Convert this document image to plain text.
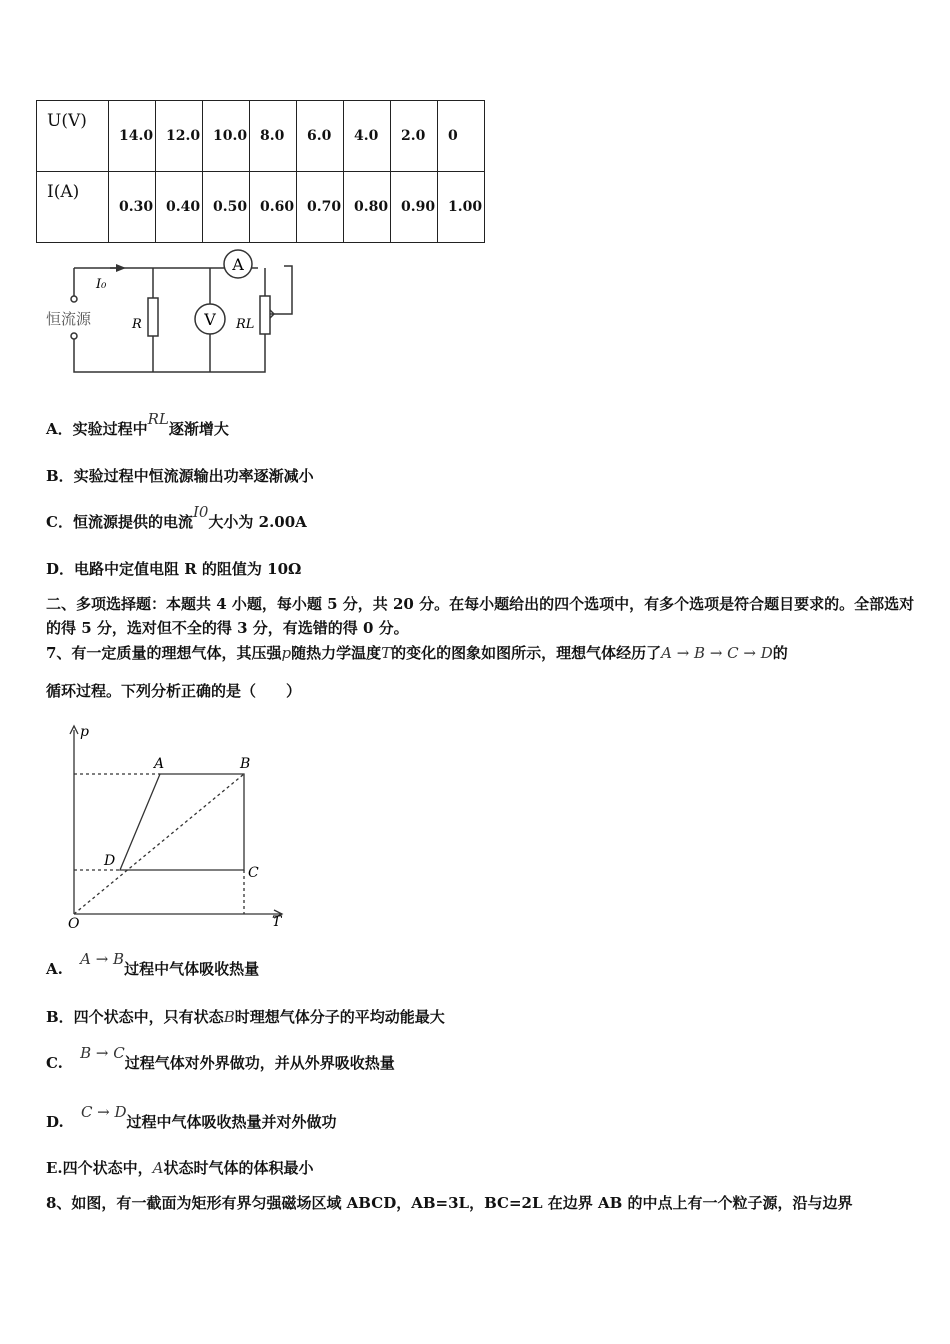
U(V)	14.0	12.0	10.0	8.0	6.0	4.0	2.0	0
I(A)	0.30	0.40	0.50	0.60	0.70	0.80	0.90	1.00
A
V
I₀
恒流源	R	RL
A．实验过程中RL逐渐增大
B．实验过程中恒流源输出功率逐渐减小
C．恒流源提供的电流I0大小为 2.00A
D．电路中定值电阻 R 的阻值为 10Ω
二、多项选择题：本题共 4 小题，每小题 5 分，共 20 分。在每小题给出的四个选项中，有多个选项是符合题目要求的。全部选对的得 5 分，选对但不全的得 3 分，有选错的得 0 分。
7、有一定质量的理想气体，其压强p随热力学温度T的变化的图象如图所示，理想气体经历了A → B → C → D的
循环过程。下列分析正确的是（　　）
p
T
O
A	B
C
D
A. A → B过程中气体吸收热量
B．四个状态中，只有状态B时理想气体分子的平均动能最大
C. B → C过程气体对外界做功，并从外界吸收热量
D. C → D过程中气体吸收热量并对外做功
E.四个状态中，A状态时气体的体积最小
8、如图，有一截面为矩形有界匀强磁场区域 ABCD，AB=3L，BC=2L 在边界 AB 的中点上有一个粒子源，沿与边界
